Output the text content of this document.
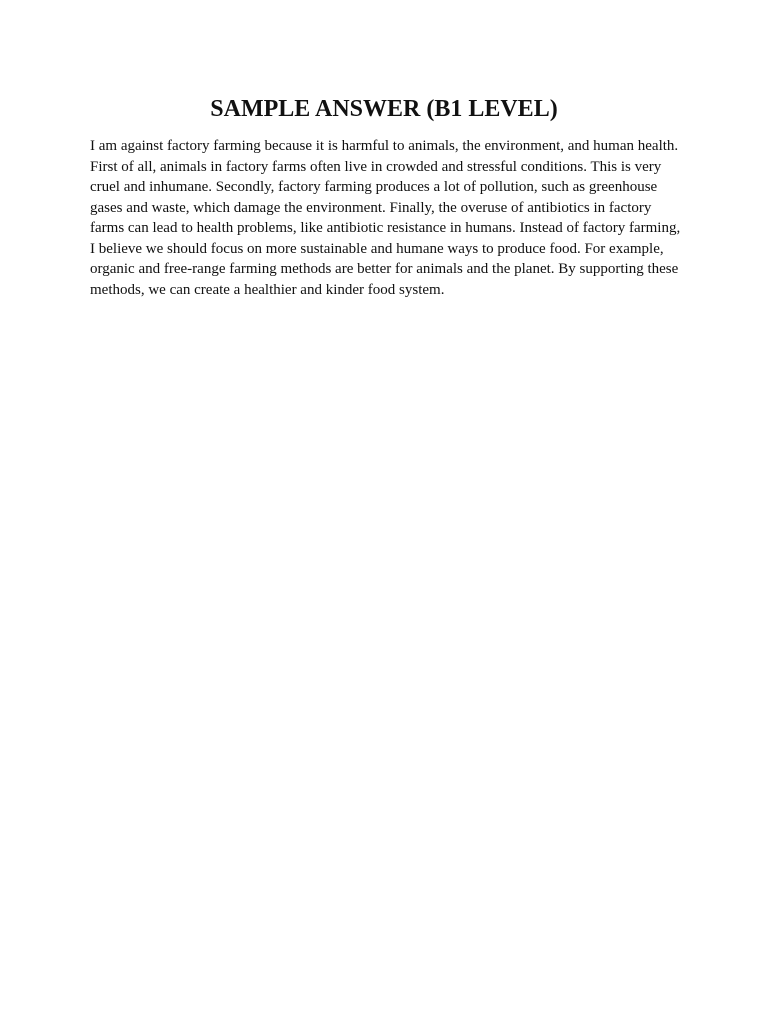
SAMPLE ANSWER (B1 LEVEL)

I am against factory farming because it is harmful to animals, the environment, and human health. First of all, animals in factory farms often live in crowded and stressful conditions. This is very cruel and inhumane. Secondly, factory farming produces a lot of pollution, such as greenhouse gases and waste, which damage the environment. Finally, the overuse of antibiotics in factory farms can lead to health problems, like antibiotic resistance in humans. Instead of factory farming, I believe we should focus on more sustainable and humane ways to produce food. For example, organic and free-range farming methods are better for animals and the planet. By supporting these methods, we can create a healthier and kinder food system.
